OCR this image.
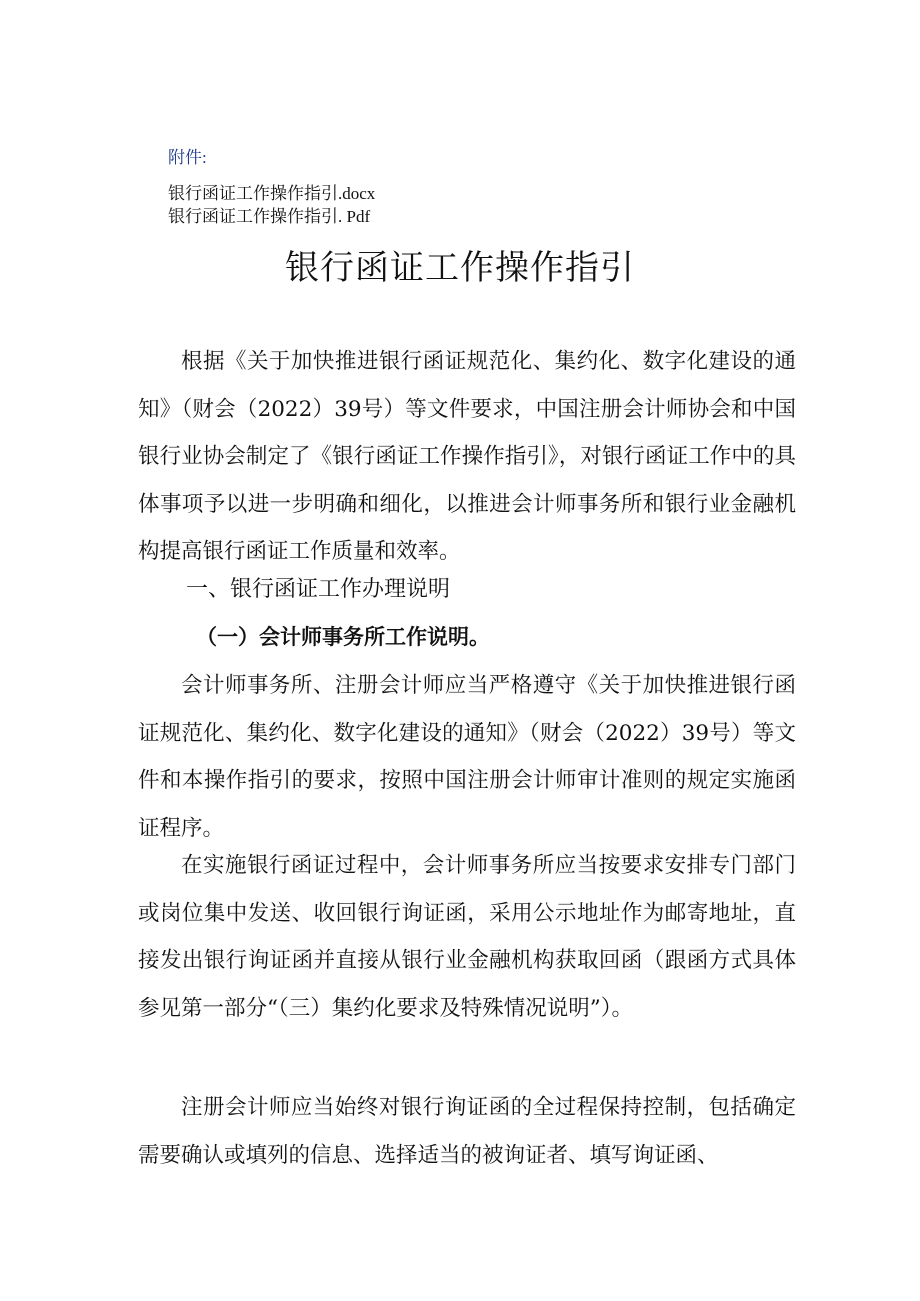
附件:
银行函证工作操作指引.docx
银行函证工作操作指引. Pdf
银行函证工作操作指引

根据《关于加快推进银行函证规范化、集约化、数字化建设的通知》（财会（2022）39号）等文件要求，中国注册会计师协会和中国银行业协会制定了《银行函证工作操作指引》，对银行函证工作中的具体事项予以进一步明确和细化，以推进会计师事务所和银行业金融机构提高银行函证工作质量和效率。

一、银行函证工作办理说明
（一）会计师事务所工作说明。

会计师事务所、注册会计师应当严格遵守《关于加快推进银行函证规范化、集约化、数字化建设的通知》（财会（2022）39号）等文件和本操作指引的要求，按照中国注册会计师审计准则的规定实施函证程序。

在实施银行函证过程中，会计师事务所应当按要求安排专门部门或岗位集中发送、收回银行询证函，采用公示地址作为邮寄地址，直接发出银行询证函并直接从银行业金融机构获取回函（跟函方式具体参见第一部分“（三）集约化要求及特殊情况说明”）。

注册会计师应当始终对银行询证函的全过程保持控制，包括确定需要确认或填列的信息、选择适当的被询证者、填写询证函、
